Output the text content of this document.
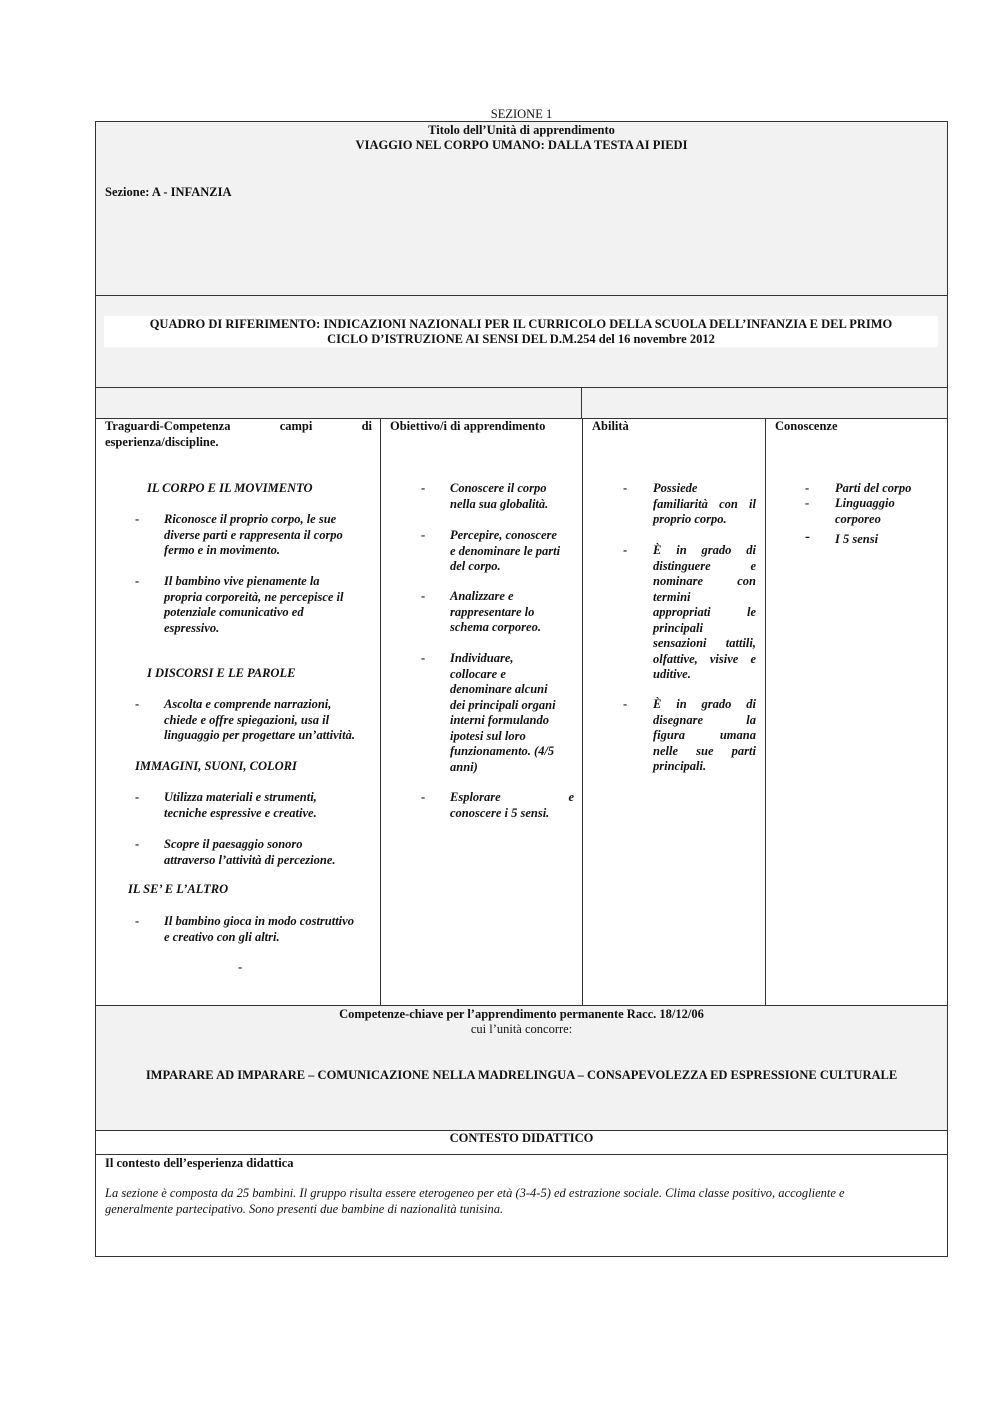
SEZIONE 1
Titolo dell’Unità di apprendimento
VIAGGIO NEL CORPO UMANO: DALLA TESTA AI PIEDI
Sezione: A - INFANZIA
QUADRO DI RIFERIMENTO: INDICAZIONI NAZIONALI PER IL CURRICOLO DELLA SCUOLA DELL’INFANZIA E DEL PRIMO
CICLO D’ISTRUZIONE AI SENSI DEL D.M.254 del 16 novembre 2012
Traguardi-Competenza campi di
esperienza/discipline.
Obiettivo/i di apprendimento	Abilità	Conoscenze
IL CORPO E IL MOVIMENTO
- Riconosce il proprio corpo, le sue
diverse parti e rappresenta il corpo
fermo e in movimento.
- Il bambino vive pienamente la
propria corporeità, ne percepisce il
potenziale comunicativo ed
espressivo.
I DISCORSI E LE PAROLE
- Ascolta e comprende narrazioni,
chiede e offre spiegazioni, usa il
linguaggio per progettare un’attività.
IMMAGINI, SUONI, COLORI
- Utilizza materiali e strumenti,
tecniche espressive e creative.
- Scopre il paesaggio sonoro
attraverso l’attività di percezione.
IL SE’ E L’ALTRO
- Il bambino gioca in modo costruttivo
e creativo con gli altri.
-
- Conoscere il corpo
nella sua globalità.
- Percepire, conoscere
e denominare le parti
del corpo.
- Analizzare e
rappresentare lo
schema corporeo.
- Individuare,
collocare e
denominare alcuni
dei principali organi
interni formulando
ipotesi sul loro
funzionamento. (4/5
anni)
- Esplorare e
conoscere i 5 sensi.
- Possiede
familiarità con il
proprio corpo.
- È in grado di
distinguere e
nominare con
termini
appropriati le
principali
sensazioni tattili,
olfattive, visive e
uditive.
- È in grado di
disegnare la
figura umana
nelle sue parti
principali.
- Parti del corpo
- Linguaggio
corporeo
- I 5 sensi
Competenze-chiave per l’apprendimento permanente Racc. 18/12/06
cui l’unità concorre:
IMPARARE AD IMPARARE – COMUNICAZIONE NELLA MADRELINGUA – CONSAPEVOLEZZA ED ESPRESSIONE CULTURALE
CONTESTO DIDATTICO
Il contesto dell’esperienza didattica
La sezione è composta da 25 bambini. Il gruppo risulta essere eterogeneo per età (3-4-5) ed estrazione sociale. Clima classe positivo, accogliente e
generalmente partecipativo. Sono presenti due bambine di nazionalità tunisina.
